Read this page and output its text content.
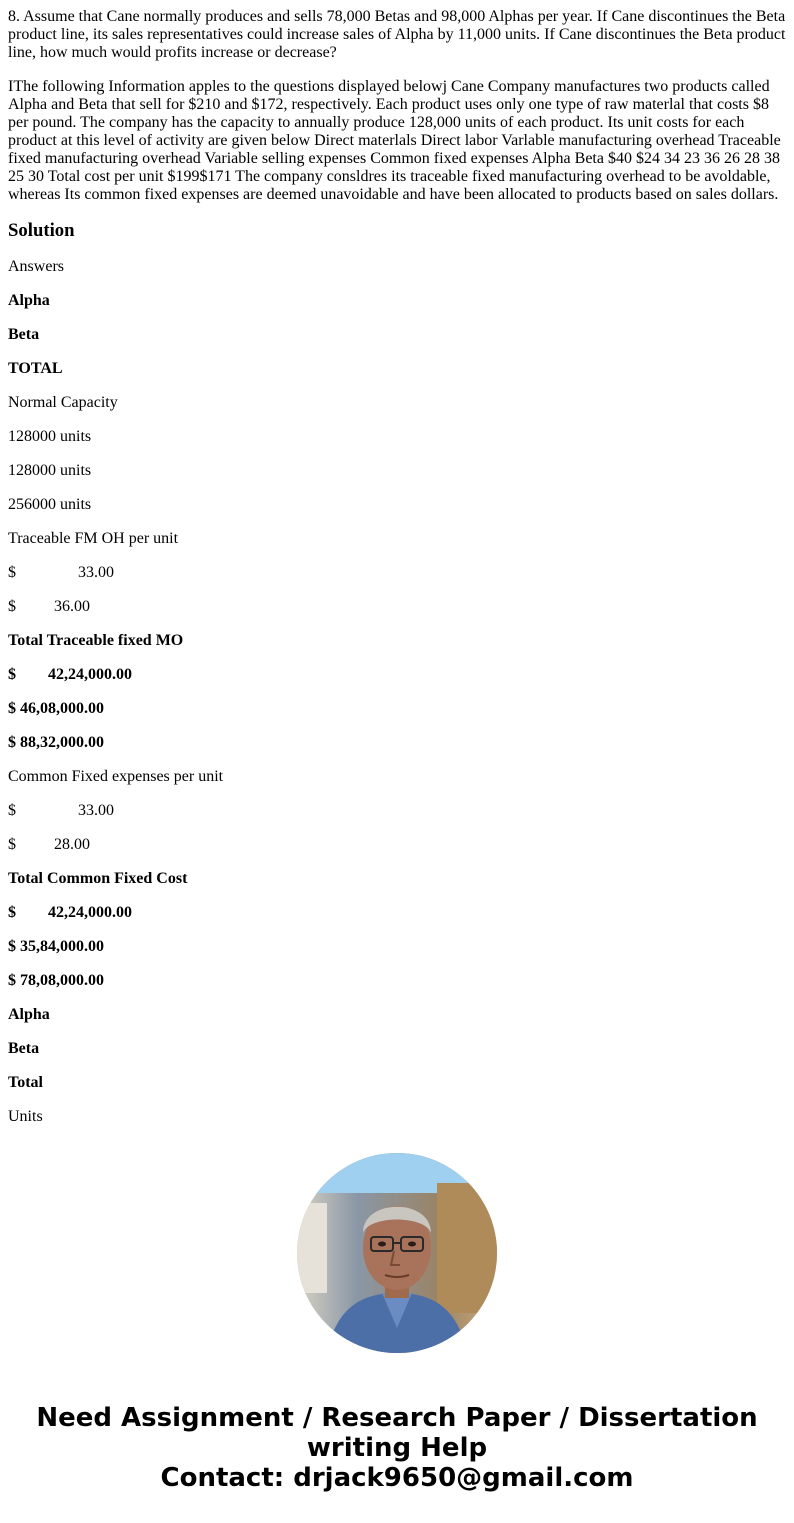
8. Assume that Cane normally produces and sells 78,000 Betas and 98,000 Alphas per year. If Cane discontinues the Beta product line, its sales representatives could increase sales of Alpha by 11,000 units. If Cane discontinues the Beta product line, how much would profits increase or decrease?

IThe following Information apples to the questions displayed belowj Cane Company manufactures two products called Alpha and Beta that sell for $210 and $172, respectively. Each product uses only one type of raw materlal that costs $8 per pound. The company has the capacity to annually produce 128,000 units of each product. Its unit costs for each product at this level of activity are given below Direct materlals Direct labor Varlable manufacturing overhead Traceable fixed manufacturing overhead Variable selling expenses Common fixed expenses Alpha Beta $40 $24 34 23 36 26 28 38 25 30 Total cost per unit $199$171 The company consldres its traceable fixed manufacturing overhead to be avoldable, whereas Its common fixed expenses are deemed unavoidable and have been allocated to products based on sales dollars.

Solution

Answers

Alpha

Beta

TOTAL

Normal Capacity

128000 units

128000 units

256000 units

Traceable FM OH per unit

$	33.00

$ 36.00

Total Traceable fixed MO

$ 42,24,000.00

$ 46,08,000.00

$ 88,32,000.00

Common Fixed expenses per unit

$	33.00

$ 28.00

Total Common Fixed Cost

$ 42,24,000.00

$ 35,84,000.00

$ 78,08,000.00

Alpha

Beta

Total

Units

Need Assignment / Research Paper / Dissertation writing Help
Contact: drjack9650@gmail.com
